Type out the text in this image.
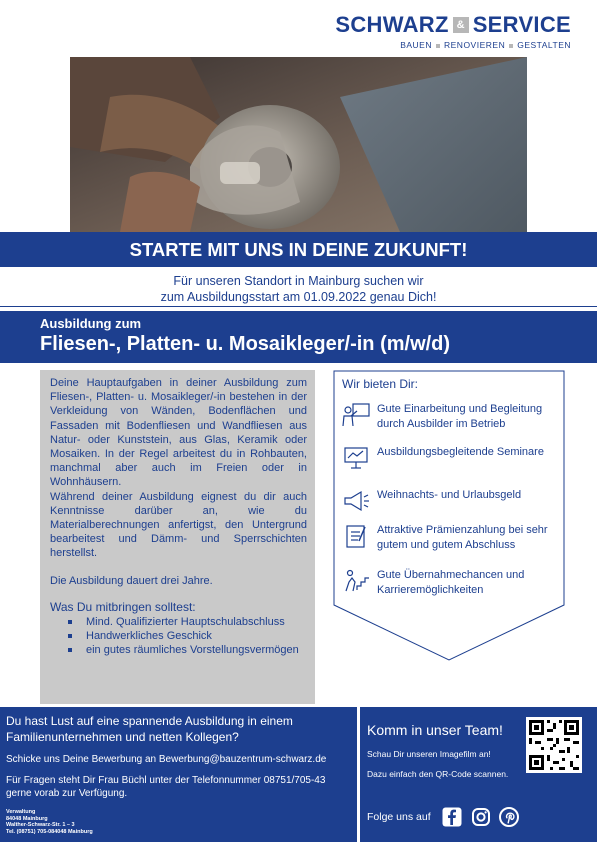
SCHWARZ & SERVICE
BAUEN RENOVIEREN GESTALTEN
STARTE MIT UNS IN DEINE ZUKUNFT!
Für unseren Standort in Mainburg suchen wir
zum Ausbildungsstart am 01.09.2022 genau Dich!
Ausbildung zum
Fliesen-, Platten- u. Mosaikleger/-in (m/w/d)

Deine Hauptaufgaben in deiner Ausbildung zum Fliesen-, Platten- u. Mosaikleger/-in bestehen in der Verkleidung von Wänden, Bodenflächen und Fassaden mit Bodenfliesen und Wandfliesen aus Natur- oder Kunststein, aus Glas, Keramik oder Mosaiken. In der Regel arbeitest du in Rohbauten, manchmal aber auch im Freien oder in Wohnhäusern.

Während deiner Ausbildung eignest du dir auch Kenntnisse darüber an, wie du Materialberechnungen anfertigst, den Untergrund bearbeitest und Dämm- und Sperrschichten herstellst.

Die Ausbildung dauert drei Jahre.

Was Du mitbringen solltest:

Mind. Qualifizierter Hauptschulabschluss
Handwerkliches Geschick
ein gutes räumliches Vorstellungsvermögen
Wir bieten Dir:
Gute Einarbeitung und Begleitung durch Ausbilder im Betrieb
Ausbildungsbegleitende Seminare
Weihnachts- und Urlaubsgeld
Attraktive Prämienzahlung bei sehr gutem und gutem Abschluss
Gute Übernahmechancen und Karrieremöglichkeiten
Du hast Lust auf eine spannende Ausbildung in einem Familienunternehmen und netten Kollegen?
Schicke uns Deine Bewerbung an Bewerbung@bauzentrum-schwarz.de
Für Fragen steht Dir Frau Büchl unter der Telefonnummer 08751/705-43 gerne vorab zur Verfügung.
Verwaltung
84048 Mainburg
Walther-Schwarz-Str. 1 – 3
Tel. (08751) 705-084048 Mainburg
Komm in unser Team!
Schau Dir unseren Imagefilm an!
Dazu einfach den QR-Code scannen.
Folge uns auf
